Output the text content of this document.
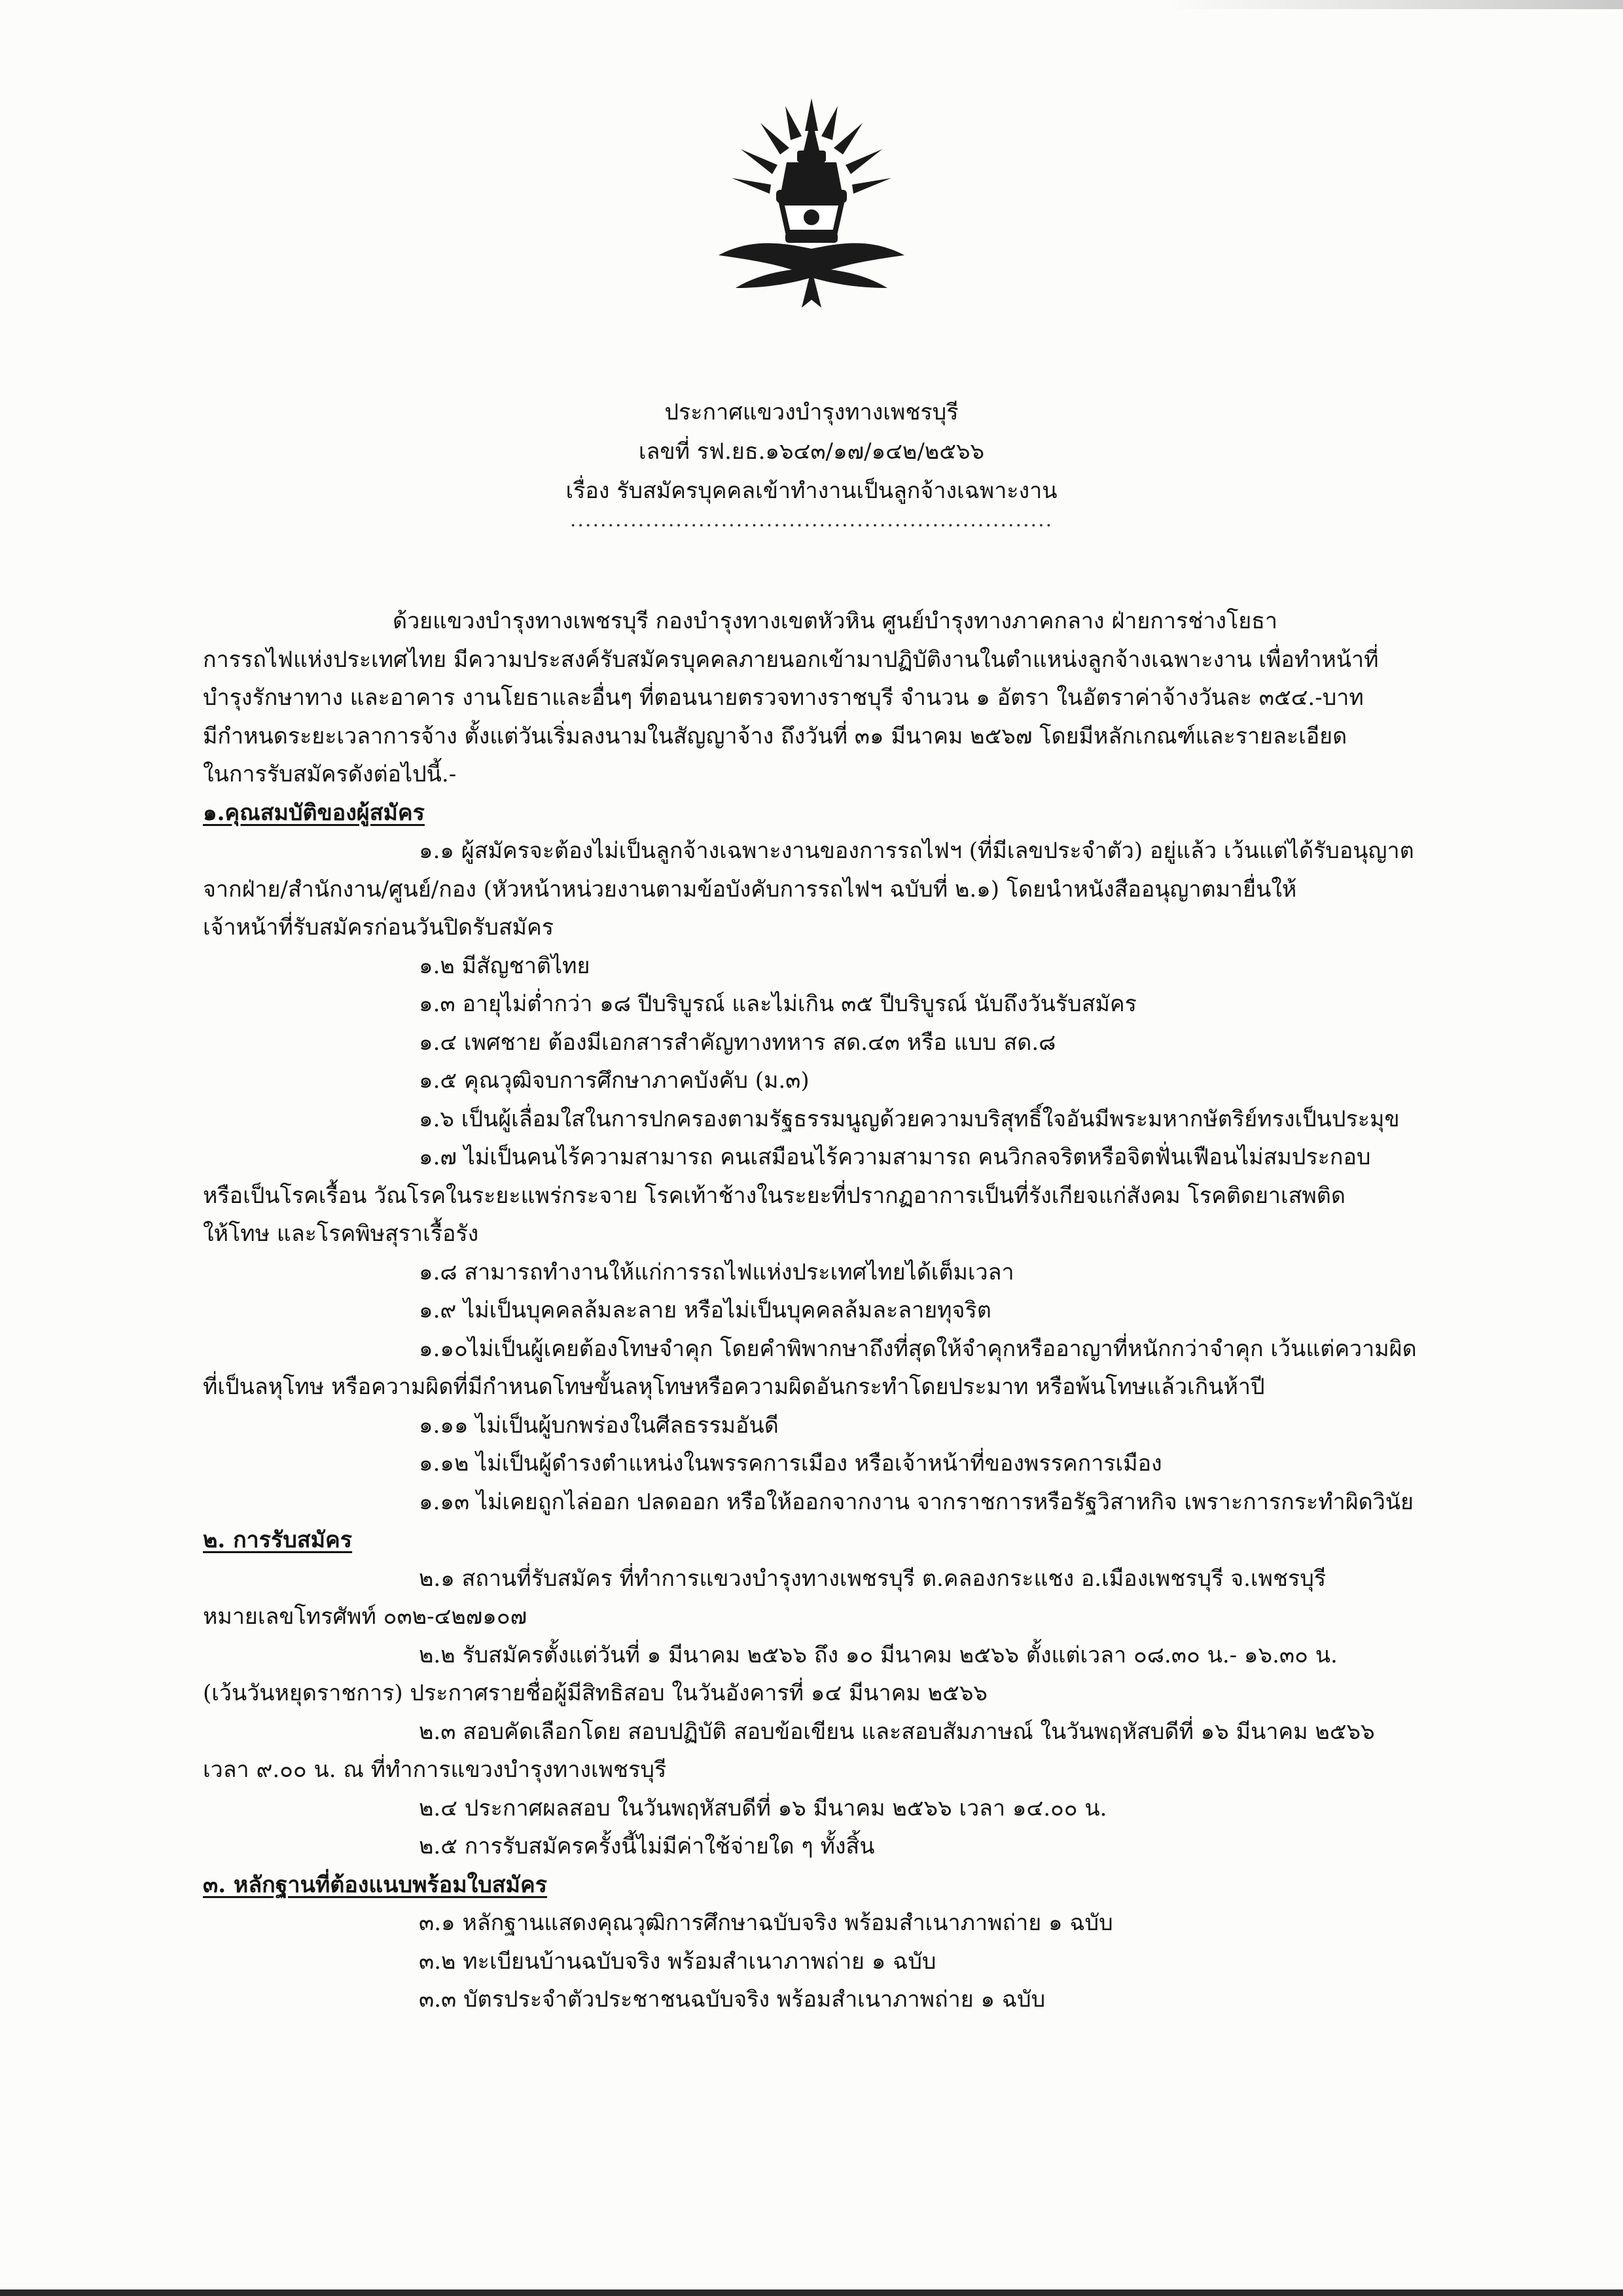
ประกาศแขวงบำรุงทางเพชรบุรี
เลขที่ รฟ.ยธ.๑๖๔๓/๑๗/๑๔๒/๒๕๖๖
เรื่อง รับสมัครบุคคลเข้าทำงานเป็นลูกจ้างเฉพาะงาน
................................................................
ด้วยแขวงบำรุงทางเพชรบุรี กองบำรุงทางเขตหัวหิน ศูนย์บำรุงทางภาคกลาง ฝ่ายการช่างโยธา
การรถไฟแห่งประเทศไทย มีความประสงค์รับสมัครบุคคลภายนอกเข้ามาปฏิบัติงานในตำแหน่งลูกจ้างเฉพาะงาน เพื่อทำหน้าที่
บำรุงรักษาทาง และอาคาร งานโยธาและอื่นๆ ที่ตอนนายตรวจทางราชบุรี จำนวน ๑ อัตรา ในอัตราค่าจ้างวันละ ๓๕๔.-บาท
มีกำหนดระยะเวลาการจ้าง ตั้งแต่วันเริ่มลงนามในสัญญาจ้าง ถึงวันที่ ๓๑ มีนาคม ๒๕๖๗ โดยมีหลักเกณฑ์และรายละเอียด
ในการรับสมัครดังต่อไปนี้.-
๑.คุณสมบัติของผู้สมัคร
๑.๑ ผู้สมัครจะต้องไม่เป็นลูกจ้างเฉพาะงานของการรถไฟฯ (ที่มีเลขประจำตัว) อยู่แล้ว เว้นแต่ได้รับอนุญาต
จากฝ่าย/สำนักงาน/ศูนย์/กอง (หัวหน้าหน่วยงานตามข้อบังคับการรถไฟฯ ฉบับที่ ๒.๑) โดยนำหนังสืออนุญาตมายื่นให้
เจ้าหน้าที่รับสมัครก่อนวันปิดรับสมัคร
๑.๒ มีสัญชาติไทย
๑.๓ อายุไม่ต่ำกว่า ๑๘ ปีบริบูรณ์ และไม่เกิน ๓๕ ปีบริบูรณ์ นับถึงวันรับสมัคร
๑.๔ เพศชาย ต้องมีเอกสารสำคัญทางทหาร สด.๔๓ หรือ แบบ สด.๘
๑.๕ คุณวุฒิจบการศึกษาภาคบังคับ (ม.๓)
๑.๖ เป็นผู้เลื่อมใสในการปกครองตามรัฐธรรมนูญด้วยความบริสุทธิ์ใจอันมีพระมหากษัตริย์ทรงเป็นประมุข
๑.๗ ไม่เป็นคนไร้ความสามารถ คนเสมือนไร้ความสามารถ คนวิกลจริตหรือจิตฟั่นเฟือนไม่สมประกอบ
หรือเป็นโรคเรื้อน วัณโรคในระยะแพร่กระจาย โรคเท้าช้างในระยะที่ปรากฏอาการเป็นที่รังเกียจแก่สังคม โรคติดยาเสพติด
ให้โทษ และโรคพิษสุราเรื้อรัง
๑.๘ สามารถทำงานให้แก่การรถไฟแห่งประเทศไทยได้เต็มเวลา
๑.๙ ไม่เป็นบุคคลล้มละลาย หรือไม่เป็นบุคคลล้มละลายทุจริต
๑.๑๐ไม่เป็นผู้เคยต้องโทษจำคุก โดยคำพิพากษาถึงที่สุดให้จำคุกหรืออาญาที่หนักกว่าจำคุก เว้นแต่ความผิด
ที่เป็นลหุโทษ หรือความผิดที่มีกำหนดโทษขั้นลหุโทษหรือความผิดอันกระทำโดยประมาท หรือพ้นโทษแล้วเกินห้าปี
๑.๑๑ ไม่เป็นผู้บกพร่องในศีลธรรมอันดี
๑.๑๒ ไม่เป็นผู้ดำรงตำแหน่งในพรรคการเมือง หรือเจ้าหน้าที่ของพรรคการเมือง
๑.๑๓ ไม่เคยถูกไล่ออก ปลดออก หรือให้ออกจากงาน จากราชการหรือรัฐวิสาหกิจ เพราะการกระทำผิดวินัย
๒. การรับสมัคร
๒.๑ สถานที่รับสมัคร ที่ทำการแขวงบำรุงทางเพชรบุรี ต.คลองกระแชง อ.เมืองเพชรบุรี จ.เพชรบุรี
หมายเลขโทรศัพท์ ๐๓๒-๔๒๗๑๐๗
๒.๒ รับสมัครตั้งแต่วันที่ ๑ มีนาคม ๒๕๖๖ ถึง ๑๐ มีนาคม ๒๕๖๖ ตั้งแต่เวลา ๐๘.๓๐ น.- ๑๖.๓๐ น.
(เว้นวันหยุดราชการ) ประกาศรายชื่อผู้มีสิทธิสอบ ในวันอังคารที่ ๑๔ มีนาคม ๒๕๖๖
๒.๓ สอบคัดเลือกโดย สอบปฏิบัติ สอบข้อเขียน และสอบสัมภาษณ์ ในวันพฤหัสบดีที่ ๑๖ มีนาคม ๒๕๖๖
เวลา ๙.๐๐ น. ณ ที่ทำการแขวงบำรุงทางเพชรบุรี
๒.๔ ประกาศผลสอบ ในวันพฤหัสบดีที่ ๑๖ มีนาคม ๒๕๖๖ เวลา ๑๔.๐๐ น.
๒.๕ การรับสมัครครั้งนี้ไม่มีค่าใช้จ่ายใด ๆ ทั้งสิ้น
๓. หลักฐานที่ต้องแนบพร้อมใบสมัคร
๓.๑ หลักฐานแสดงคุณวุฒิการศึกษาฉบับจริง พร้อมสำเนาภาพถ่าย ๑ ฉบับ
๓.๒ ทะเบียนบ้านฉบับจริง พร้อมสำเนาภาพถ่าย ๑ ฉบับ
๓.๓ บัตรประจำตัวประชาชนฉบับจริง พร้อมสำเนาภาพถ่าย ๑ ฉบับ
